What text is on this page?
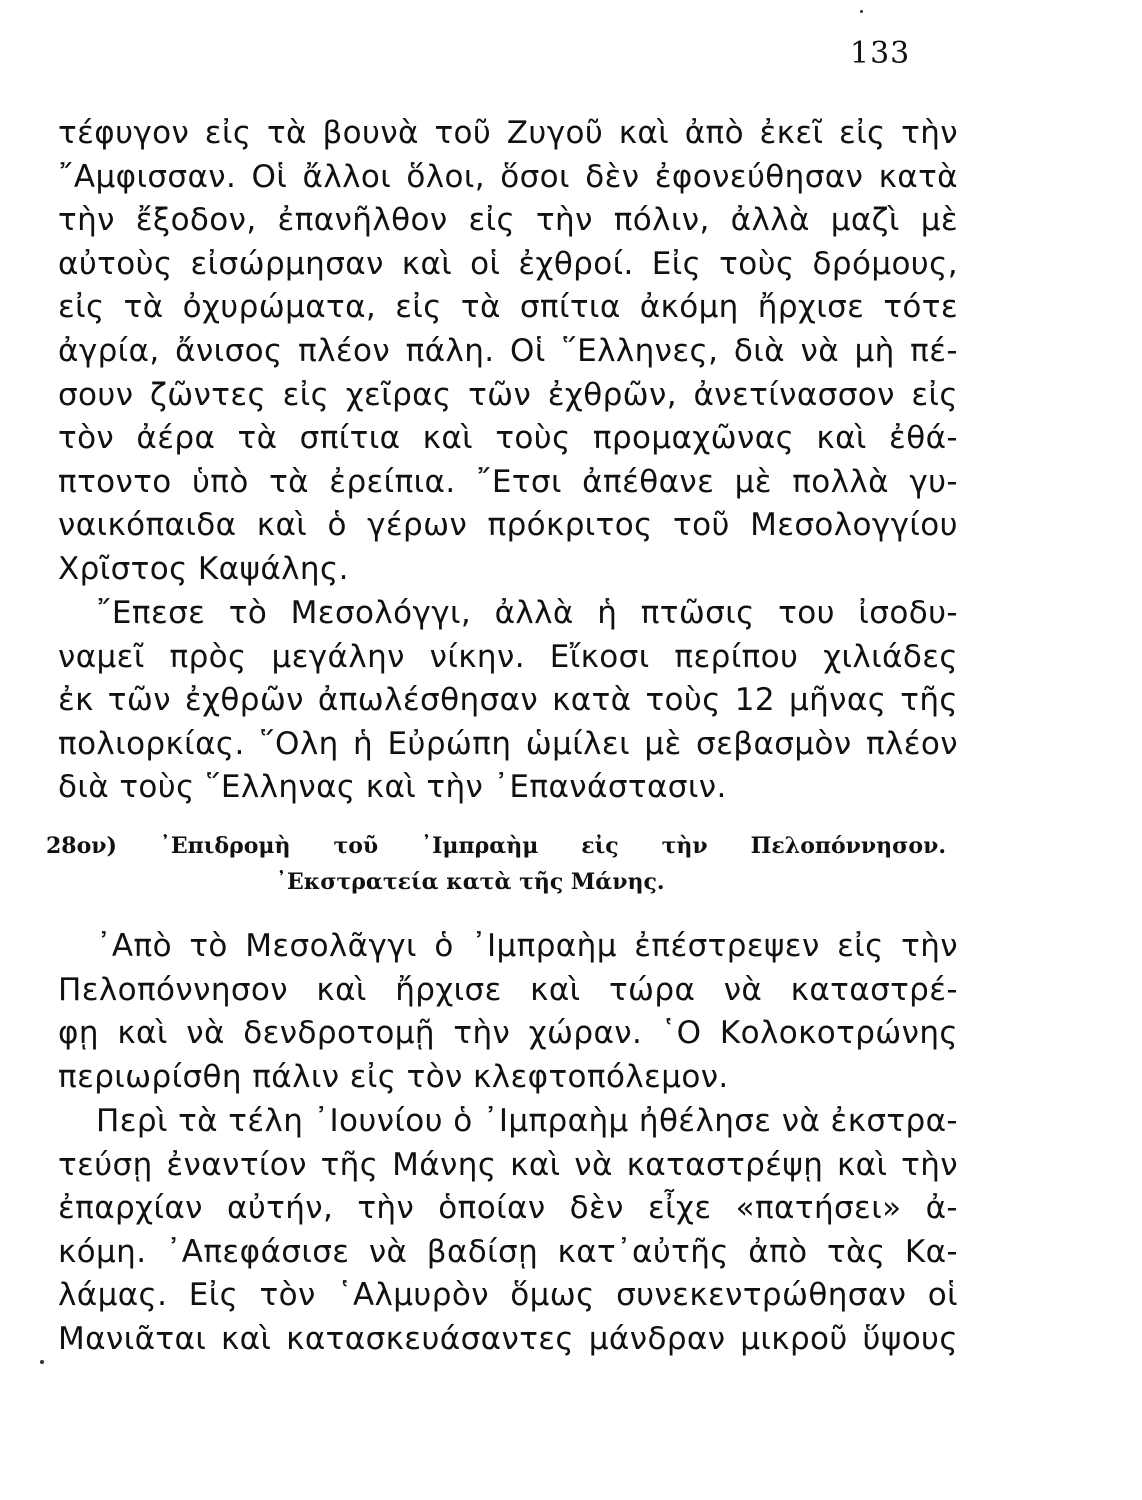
133
τέφυγον εἰς τὰ βουνὰ τοῦ Ζυγοῦ καὶ ἀπὸ ἐκεῖ εἰς τὴν
῎Αμφισσαν. Οἱ ἄλλοι ὅλοι, ὅσοι δὲν ἐφονεύθησαν κατὰ
τὴν ἔξοδον, ἐπανῆλθον εἰς τὴν πόλιν, ἀλλὰ μαζὶ μὲ
αὐτοὺς εἰσώρμησαν καὶ οἱ ἐχθροί. Εἰς τοὺς δρόμους,
εἰς τὰ ὀχυρώματα, εἰς τὰ σπίτια ἀκόμη ἤρχισε τότε
ἀγρία, ἄνισος πλέον πάλη. Οἱ ῞Ελληνες, διὰ νὰ μὴ πέ-
σουν ζῶντες εἰς χεῖρας τῶν ἐχθρῶν, ἀνετίνασσον εἰς
τὸν ἀέρα τὰ σπίτια καὶ τοὺς προμαχῶνας καὶ ἐθά-
πτοντο ὑπὸ τὰ ἐρείπια. ῎Ετσι ἀπέθανε μὲ πολλὰ γυ-
ναικόπαιδα καὶ ὁ γέρων πρόκριτος τοῦ Μεσολογγίου
Χρῖστος Καψάλης.
῎Επεσε τὸ Μεσολόγγι, ἀλλὰ ἡ πτῶσις του ἰσοδυ-
ναμεῖ πρὸς μεγάλην νίκην. Εἴκοσι περίπου χιλιάδες
ἐκ τῶν ἐχθρῶν ἀπωλέσθησαν κατὰ τοὺς 12 μῆνας τῆς
πολιορκίας. ῞Ολη ἡ Εὐρώπη ὡμίλει μὲ σεβασμὸν πλέον
διὰ τοὺς ῞Ελληνας καὶ τὴν ᾿Επανάστασιν.
28ον) ᾿Επιδρομὴ τοῦ ᾿Ιμπραὴμ εἰς τὴν Πελοπόννησον.
᾿Εκστρατεία κατὰ τῆς Μάνης.
᾿Απὸ τὸ Μεσολᾶγγι ὁ ᾿Ιμπραὴμ ἐπέστρεψεν εἰς τὴν
Πελοπόννησον καὶ ἤρχισε καὶ τώρα νὰ καταστρέ-
φῃ καὶ νὰ δενδροτομῇ τὴν χώραν. ῾Ο Κολοκοτρώνης
περιωρίσθη πάλιν εἰς τὸν κλεφτοπόλεμον.
Περὶ τὰ τέλη ᾿Ιουνίου ὁ ᾿Ιμπραὴμ ἠθέλησε νὰ ἐκστρα-
τεύσῃ ἐναντίον τῆς Μάνης καὶ νὰ καταστρέψῃ καὶ τὴν
ἐπαρχίαν αὐτήν, τὴν ὁποίαν δὲν εἶχε «πατήσει» ἀ-
κόμη. ᾿Απεφάσισε νὰ βαδίσῃ κατ᾿αὐτῆς ἀπὸ τὰς Κα-
λάμας. Εἰς τὸν ῾Αλμυρὸν ὅμως συνεκεντρώθησαν οἱ
Μανιᾶται καὶ κατασκευάσαντες μάνδραν μικροῦ ὕψους
